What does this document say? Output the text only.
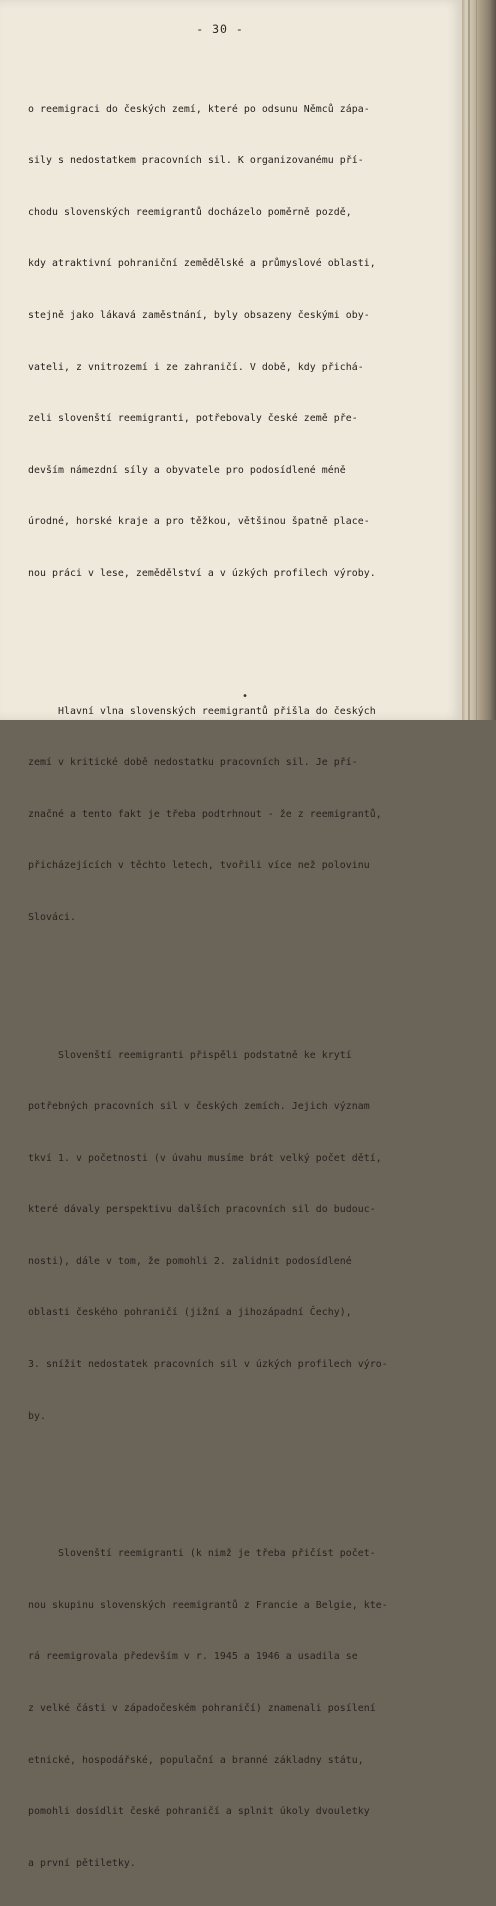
- 30 -

o reemigraci do českých zemí, které po odsunu Němců zápa-

sily s nedostatkem pracovních sil. K organizovanému pří-

chodu slovenských reemigrantů docházelo poměrně pozdě,

kdy atraktivní pohraniční zemědělské a průmyslové oblasti,

stejně jako lákavá zaměstnání, byly obsazeny českými oby-

vateli, z vnitrozemí i ze zahraničí. V době, kdy přichá-

zeli slovenští reemigranti, potřebovaly české země pře-

devším námezdní síly a obyvatele pro podosídlené méně

úrodné, horské kraje a pro těžkou, většinou špatně placе-

nou práci v lese, zemědělství a v úzkých profilech výroby.

Hlavní vlna slovenských reemigrantů přišla do českých

zemí v kritické době nedostatku pracovních sil. Je pří-

značné a tento fakt je třeba podtrhnout - že z reemigrantů,

přicházejících v těchto letech, tvořili více než polovinu

Slováci.

Slovenští reemigranti přispěli podstatně ke krytí

potřebných pracovních sil v českých zemích. Jejich význam

tkví 1. v početnosti (v úvahu musíme brát velký počet dětí,

které dávaly perspektivu dalších pracovních sil do budouc-

nosti), dále v tom, že pomohli 2. zalidnit podosídlené

oblasti českého pohraničí (jižní a jihozápadní Čechy),

3. snížit nedostatek pracovních sil v úzkých profilech výro-

by.

Slovenští reemigranti (k nimž je třeba přičíst počet-

nou skupinu slovenských reemigrantů z Francie a Belgie, kte-

rá reemigrovala především v r. 1945 a 1946 a usadila se

z velké části v západočeském pohraničí) znamenali posílení

etnické, hospodářské, populační a branné základny státu,

pomohli dosídlit české pohraničí a splnit úkoly dvouletky

a první pětiletky.

•
